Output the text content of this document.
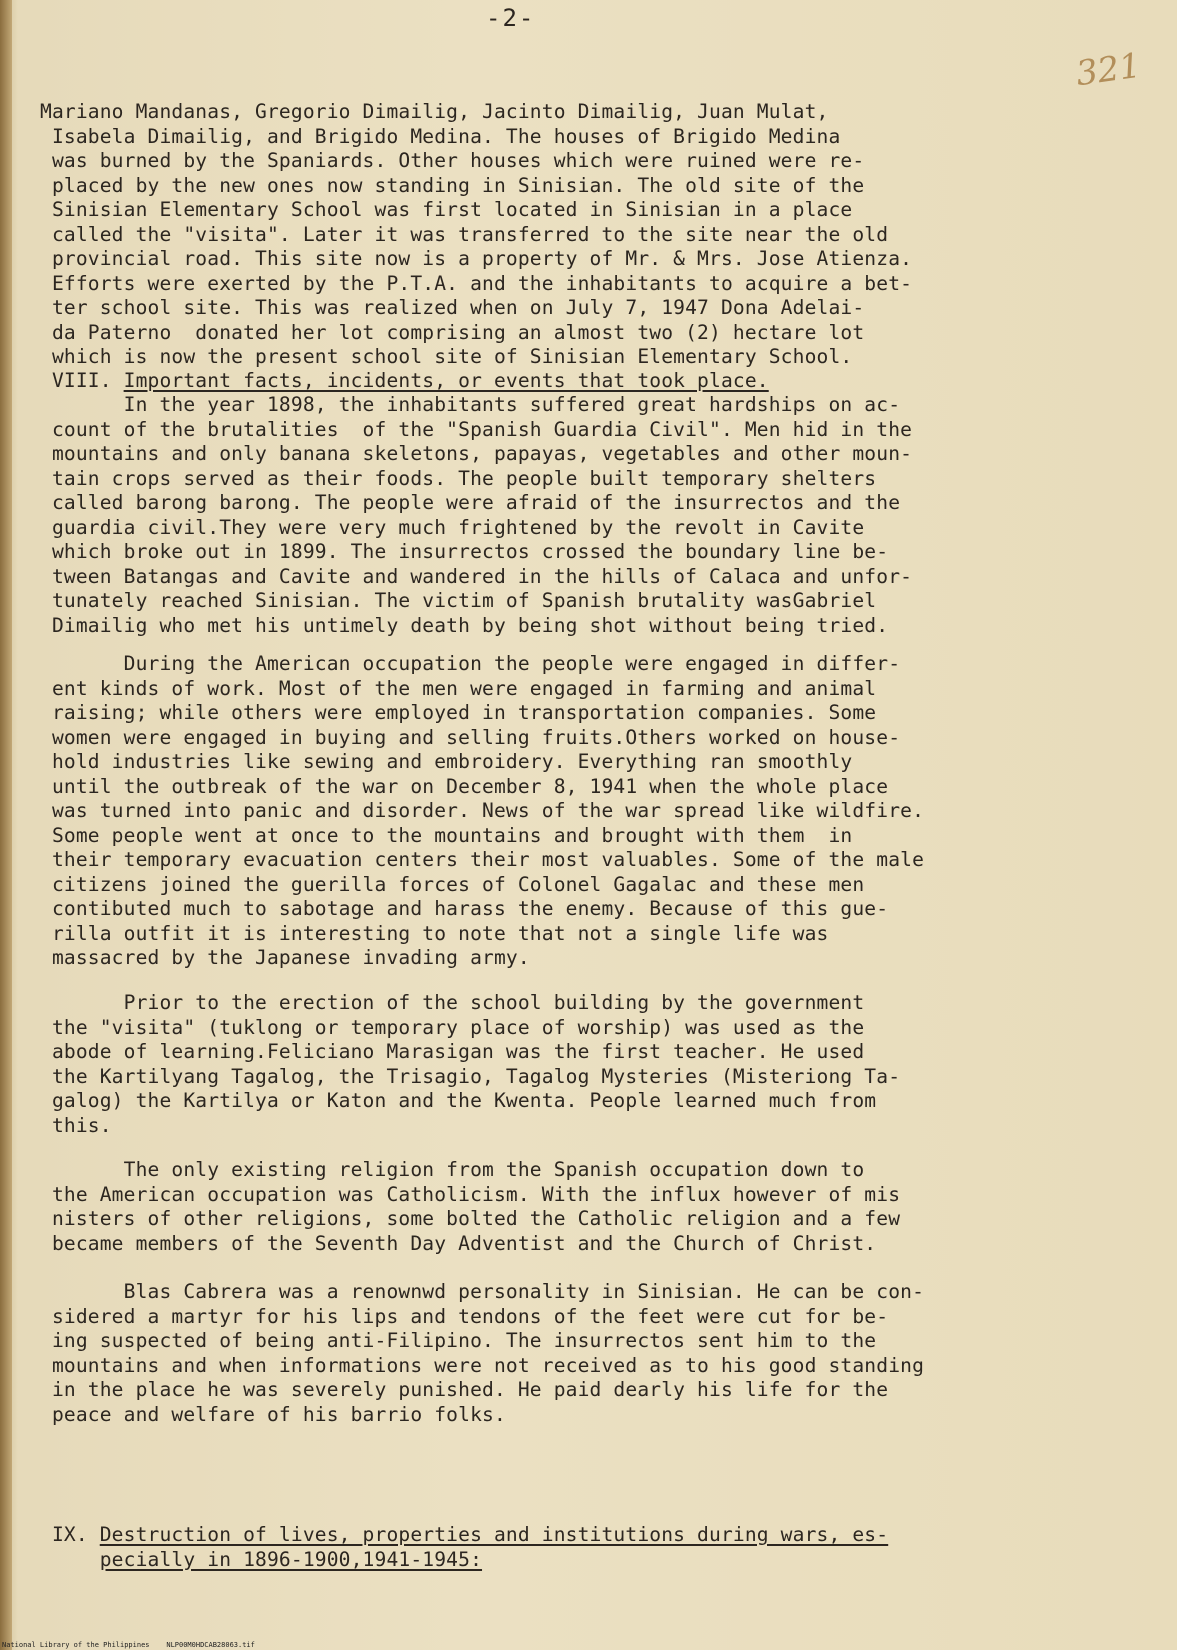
-2-
321
Mariano Mandanas, Gregorio Dimailig, Jacinto Dimailig, Juan Mulat,
Isabela Dimailig, and Brigido Medina. The houses of Brigido Medina
was burned by the Spaniards. Other houses which were ruined were re-
placed by the new ones now standing in Sinisian. The old site of the
Sinisian Elementary School was first located in Sinisian in a place
called the "visita". Later it was transferred to the site near the old
provincial road. This site now is a property of Mr. & Mrs. Jose Atienza.
Efforts were exerted by the P.T.A. and the inhabitants to acquire a bet-
ter school site. This was realized when on July 7, 1947 Dona Adelai-
da Paterno  donated her lot comprising an almost two (2) hectare lot
which is now the present school site of Sinisian Elementary School.
VIII. Important facts, incidents, or events that took place.
In the year 1898, the inhabitants suffered great hardships on ac-
count of the brutalities  of the "Spanish Guardia Civil". Men hid in the
mountains and only banana skeletons, papayas, vegetables and other moun-
tain crops served as their foods. The people built temporary shelters
called barong barong. The people were afraid of the insurrectos and the
guardia civil.They were very much frightened by the revolt in Cavite
which broke out in 1899. The insurrectos crossed the boundary line be-
tween Batangas and Cavite and wandered in the hills of Calaca and unfor-
tunately reached Sinisian. The victim of Spanish brutality wasGabriel
Dimailig who met his untimely death by being shot without being tried.
During the American occupation the people were engaged in differ-
ent kinds of work. Most of the men were engaged in farming and animal
raising; while others were employed in transportation companies. Some
women were engaged in buying and selling fruits.Others worked on house-
hold industries like sewing and embroidery. Everything ran smoothly
until the outbreak of the war on December 8, 1941 when the whole place
was turned into panic and disorder. News of the war spread like wildfire.
Some people went at once to the mountains and brought with them  in
their temporary evacuation centers their most valuables. Some of the male
citizens joined the guerilla forces of Colonel Gagalac and these men
contibuted much to sabotage and harass the enemy. Because of this gue-
rilla outfit it is interesting to note that not a single life was
massacred by the Japanese invading army.
Prior to the erection of the school building by the government
the "visita" (tuklong or temporary place of worship) was used as the
abode of learning.Feliciano Marasigan was the first teacher. He used
the Kartilyang Tagalog, the Trisagio, Tagalog Mysteries (Misteriong Ta-
galog) the Kartilya or Katon and the Kwenta. People learned much from
this.
The only existing religion from the Spanish occupation down to
the American occupation was Catholicism. With the influx however of mis
nisters of other religions, some bolted the Catholic religion and a few
became members of the Seventh Day Adventist and the Church of Christ.
Blas Cabrera was a renownwd personality in Sinisian. He can be con-
sidered a martyr for his lips and tendons of the feet were cut for be-
ing suspected of being anti-Filipino. The insurrectos sent him to the
mountains and when informations were not received as to his good standing
in the place he was severely punished. He paid dearly his life for the
peace and welfare of his barrio folks.
IX. Destruction of lives, properties and institutions during wars, es-
pecially in 1896-1900,1941-1945:
National Library of the Philippines    NLP00M0HDCAB28063.tif
